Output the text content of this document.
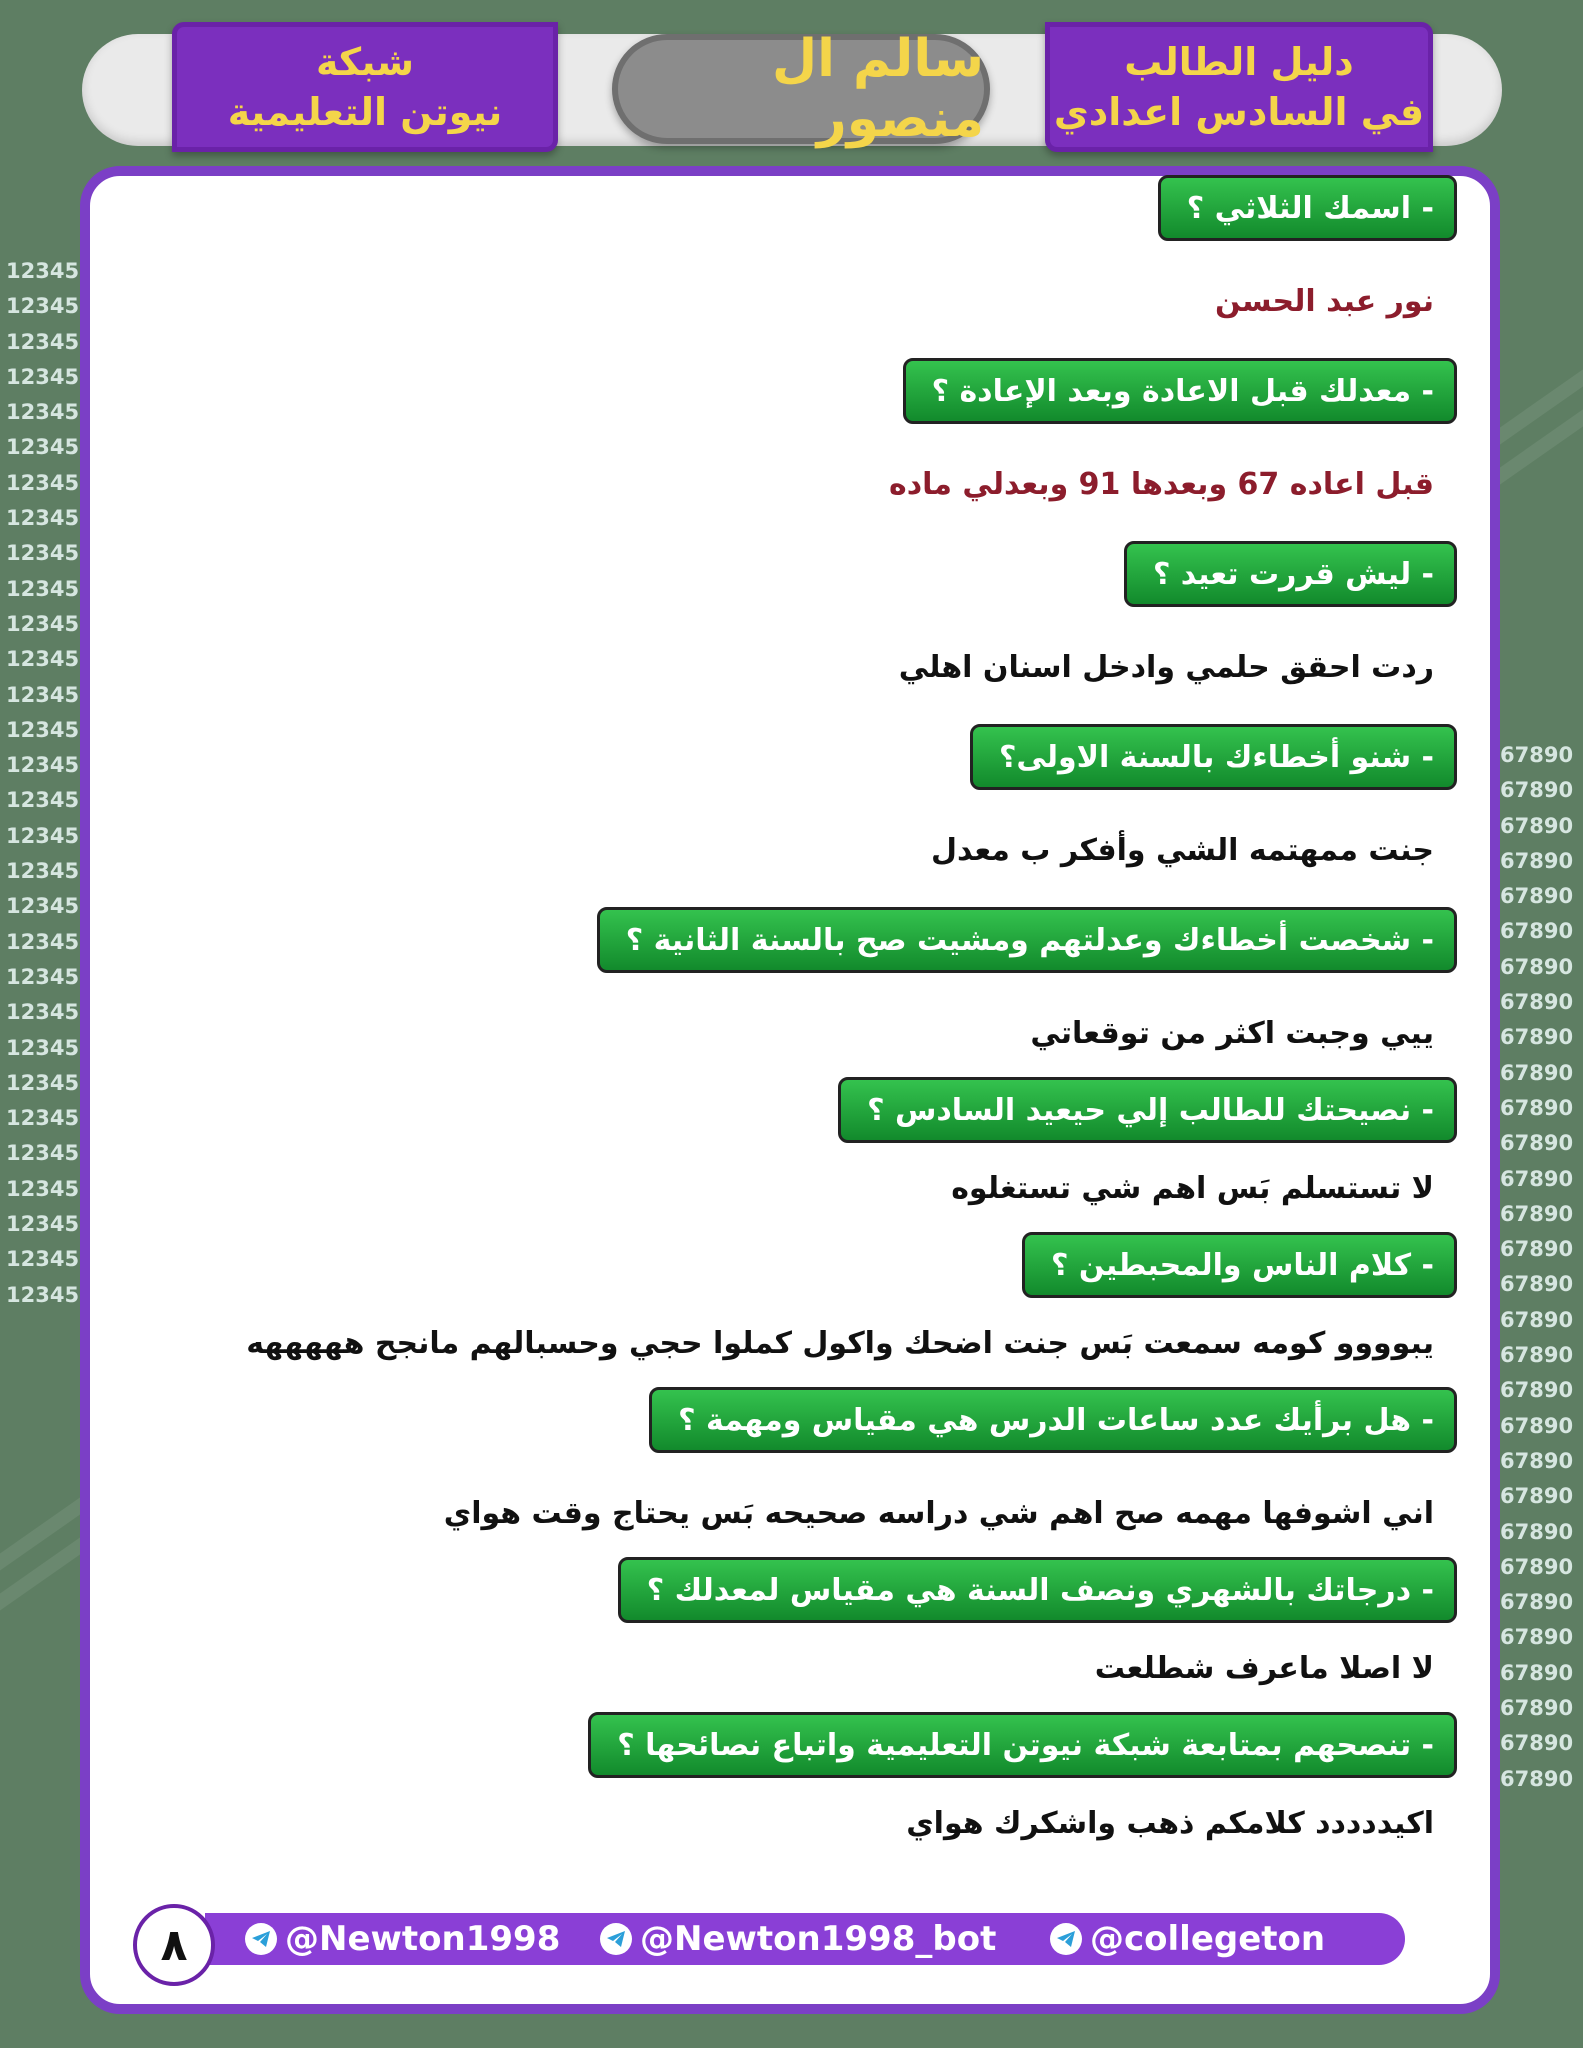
12345
12345
12345
12345
12345
12345
12345
12345
12345
12345
12345
12345
12345
12345
12345
12345
12345
12345
12345
12345
12345
12345
12345
12345
12345
12345
12345
12345
12345
12345
67890
67890
67890
67890
67890
67890
67890
67890
67890
67890
67890
67890
67890
67890
67890
67890
67890
67890
67890
67890
67890
67890
67890
67890
67890
67890
67890
67890
67890
67890
شبكة
نيوتن التعليمية
سالم ال منصور
دليل الطالب
في السادس اعدادي
- اسمك الثلاثي ؟
نور عبد الحسن
- معدلك قبل الاعادة وبعد الإعادة ؟
قبل اعاده 67 وبعدها 91 وبعدلي ماده
- ليش قررت تعيد ؟
ردت احقق حلمي وادخل اسنان اهلي
- شنو أخطاءك بالسنة الاولى؟
جنت ممهتمه الشي وأفكر ب معدل
- شخصت أخطاءك وعدلتهم ومشيت صح بالسنة الثانية ؟
ييي وجبت اكثر من توقعاتي
- نصيحتك للطالب إلي حيعيد السادس ؟
لا تستسلم بَس اهم شي تستغلوه
- كلام الناس والمحبطين ؟
يبوووو كومه سمعت بَس جنت اضحك واكول كملوا حجي وحسبالهم مانجح هههههه
- هل برأيك عدد ساعات الدرس هي مقياس ومهمة ؟
اني اشوفها مهمه صح اهم شي دراسه صحيحه بَس يحتاج وقت هواي
- درجاتك بالشهري ونصف السنة هي مقياس لمعدلك ؟
لا اصلا ماعرف شطلعت
- تنصحهم بمتابعة شبكة نيوتن التعليمية واتباع نصائحها ؟
اكيددددد كلامكم ذهب واشكرك هواي
٨	@Newton1998 @Newton1998_bot	@collegeton
